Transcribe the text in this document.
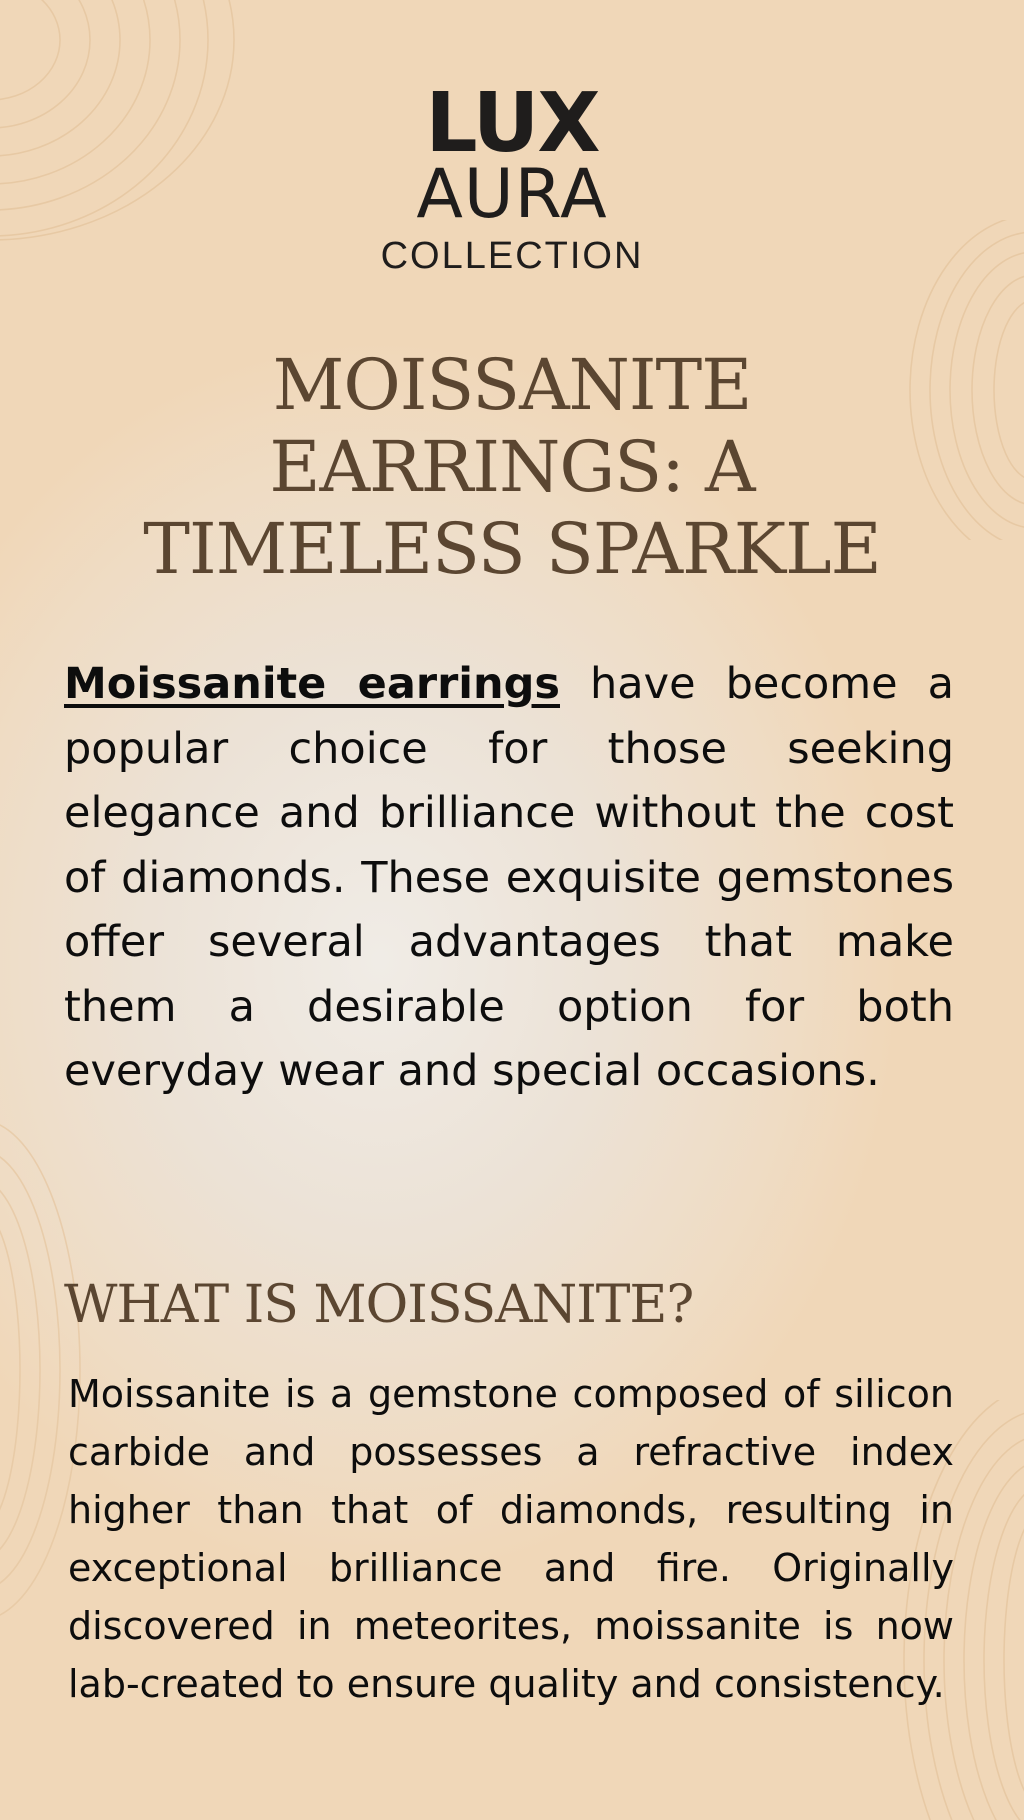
LUX
AURA
COLLECTION
MOISSANITE EARRINGS: A TIMELESS SPARKLE

Moissanite earrings have become a popular choice for those seeking elegance and brilliance without the cost of diamonds. These exquisite gemstones offer several advantages that make them a desirable option for both everyday wear and special occasions.

WHAT IS MOISSANITE?

Moissanite is a gemstone composed of silicon carbide and possesses a refractive index higher than that of diamonds, resulting in exceptional brilliance and fire. Originally discovered in meteorites, moissanite is now lab-created to ensure quality and consistency.
